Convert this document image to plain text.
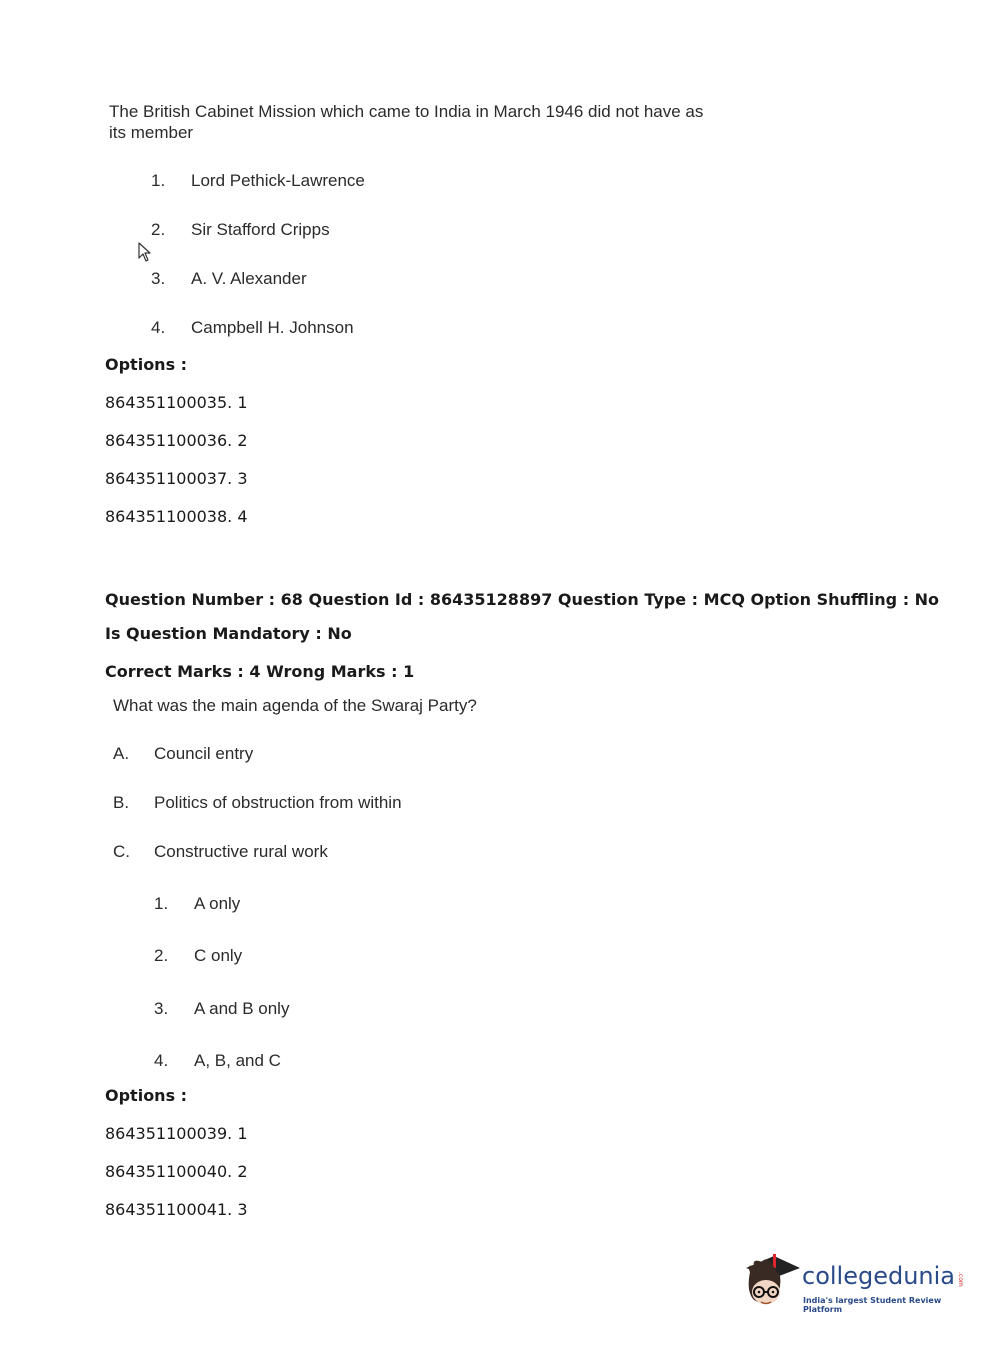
The British Cabinet Mission which came to India in March 1946 did not have as
its member
1. Lord Pethick-Lawrence
2. Sir Stafford Cripps
3. A. V. Alexander
4. Campbell H. Johnson
Options :
864351100035. 1
864351100036. 2
864351100037. 3
864351100038. 4
Question Number : 68 Question Id : 86435128897 Question Type : MCQ Option Shuffling : No
Is Question Mandatory : No
Correct Marks : 4 Wrong Marks : 1
What was the main agenda of the Swaraj Party?
A. Council entry
B. Politics of obstruction from within
C. Constructive rural work
1. A only
2. C only
3. A and B only
4. A, B, and C
Options :
864351100039. 1
864351100040. 2
864351100041. 3
collegedunia .com
India's largest Student Review Platform
